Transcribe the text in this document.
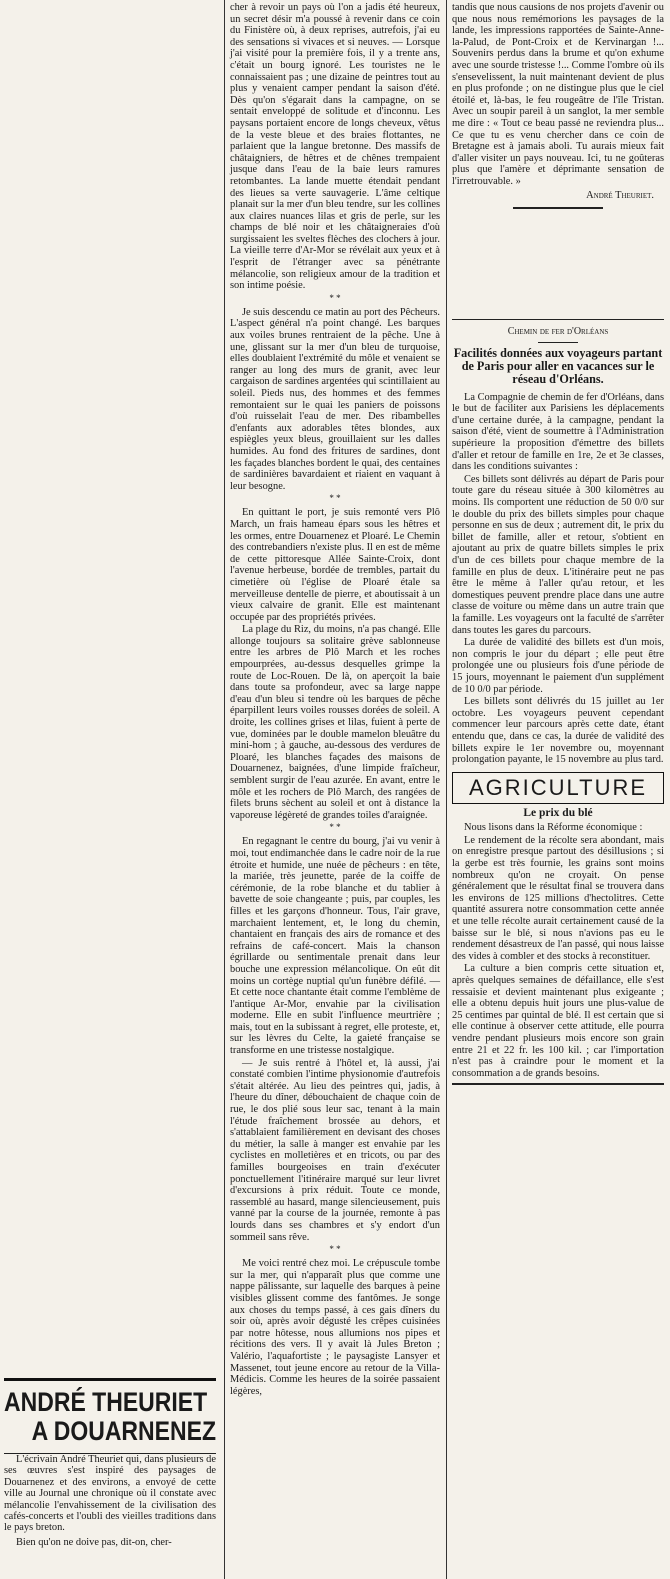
ANDRÉ THEURIET
A DOUARNENEZ

L'écrivain André Theuriet qui, dans plusieurs de ses œuvres s'est inspiré des paysages de Douarnenez et des environs, a envoyé de cette ville au Journal une chronique où il constate avec mélancolie l'envahissement de la civilisation des cafés-concerts et l'oubli des vieilles traditions dans le pays breton.

Bien qu'on ne doive pas, dit-on, cher-

cher à revoir un pays où l'on a jadis été heureux, un secret désir m'a poussé à revenir dans ce coin du Finistère où, à deux reprises, autrefois, j'ai eu des sensations si vivaces et si neuves. — Lorsque j'ai visité pour la première fois, il y a trente ans, c'était un bourg ignoré. Les touristes ne le connaissaient pas ; une dizaine de peintres tout au plus y venaient camper pendant la saison d'été. Dès qu'on s'égarait dans la campagne, on se sentait enveloppé de solitude et d'inconnu. Les paysans portaient encore de longs cheveux, vêtus de la veste bleue et des braies flottantes, ne parlaient que la langue bretonne. Des massifs de châtaigniers, de hêtres et de chênes trempaient jusque dans l'eau de la baie leurs ramures retombantes. La lande muette étendait pendant des lieues sa verte sauvagerie. L'âme celtique planait sur la mer d'un bleu tendre, sur les collines aux claires nuances lilas et gris de perle, sur les champs de blé noir et les châtaigneraies d'où surgissaient les sveltes flèches des clochers à jour. La vieille terre d'Ar-Mor se révélait aux yeux et à l'esprit de l'étranger avec sa pénétrante mélancolie, son religieux amour de la tradition et son intime poésie.

* *

Je suis descendu ce matin au port des Pêcheurs. L'aspect général n'a point changé. Les barques aux voiles brunes rentraient de la pêche. Une à une, glissant sur la mer d'un bleu de turquoise, elles doublaient l'extrémité du môle et venaient se ranger au long des murs de granit, avec leur cargaison de sardines argentées qui scintillaient au soleil. Pieds nus, des hommes et des femmes remontaient sur le quai les paniers de poissons d'où ruisselait l'eau de mer. Des ribambelles d'enfants aux adorables têtes blondes, aux espiègles yeux bleus, grouillaient sur les dalles humides. Au fond des fritures de sardines, dont les façades blanches bordent le quai, des centaines de sardinières bavardaient et riaient en vaquant à leur besogne.

* *

En quittant le port, je suis remonté vers Plô March, un frais hameau épars sous les hêtres et les ormes, entre Douarnenez et Ploaré. Le Chemin des contrebandiers n'existe plus. Il en est de même de cette pittoresque Allée Sainte-Croix, dont l'avenue herbeuse, bordée de trembles, partait du cimetière où l'église de Ploaré étale sa merveilleuse dentelle de pierre, et aboutissait à un vieux calvaire de granit. Elle est maintenant occupée par des propriétés privées.

La plage du Riz, du moins, n'a pas changé. Elle allonge toujours sa solitaire grève sablonneuse entre les arbres de Plô March et les roches empourprées, au-dessus desquelles grimpe la route de Loc-Rouen. De là, on aperçoit la baie dans toute sa profondeur, avec sa large nappe d'eau d'un bleu si tendre où les barques de pêche éparpillent leurs voiles rousses dorées de soleil. A droite, les collines grises et lilas, fuient à perte de vue, dominées par le double mamelon bleuâtre du mini-hom ; à gauche, au-dessous des verdures de Ploaré, les blanches façades des maisons de Douarnenez, baignées, d'une limpide fraîcheur, semblent surgir de l'eau azurée. En avant, entre le môle et les rochers de Plô March, des rangées de filets bruns sèchent au soleil et ont à distance la vaporeuse légèreté de grandes toiles d'araignée.

* *

En regagnant le centre du bourg, j'ai vu venir à moi, tout endimanchée dans le cadre noir de la rue étroite et humide, une nuée de pêcheurs : en tête, la mariée, très jeunette, parée de la coiffe de cérémonie, de la robe blanche et du tablier à bavette de soie changeante ; puis, par couples, les filles et les garçons d'honneur. Tous, l'air grave, marchaient lentement, et, le long du chemin, chantaient en français des airs de romance et des refrains de café-concert. Mais la chanson égrillarde ou sentimentale prenait dans leur bouche une expression mélancolique. On eût dit moins un cortège nuptial qu'un funèbre défilé. — Et cette noce chantante était comme l'emblème de l'antique Ar-Mor, envahie par la civilisation moderne. Elle en subit l'influence meurtrière ; mais, tout en la subissant à regret, elle proteste, et, sur les lèvres du Celte, la gaieté française se transforme en une tristesse nostalgique.

— Je suis rentré à l'hôtel et, là aussi, j'ai constaté combien l'intime physionomie d'autrefois s'était altérée. Au lieu des peintres qui, jadis, à l'heure du dîner, débouchaient de chaque coin de rue, le dos plié sous leur sac, tenant à la main l'étude fraîchement brossée au dehors, et s'attablaient familièrement en devisant des choses du métier, la salle à manger est envahie par les cyclistes en molletières et en tricots, ou par des familles bourgeoises en train d'exécuter ponctuellement l'itinéraire marqué sur leur livret d'excursions à prix réduit. Toute ce monde, rassemblé au hasard, mange silencieusement, puis vanné par la course de la journée, remonte à pas lourds dans ses chambres et s'y endort d'un sommeil sans rêve.

* *

Me voici rentré chez moi. Le crépuscule tombe sur la mer, qui n'apparaît plus que comme une nappe pâlissante, sur laquelle des barques à peine visibles glissent comme des fantômes. Je songe aux choses du temps passé, à ces gais dîners du soir où, après avoir dégusté les crêpes cuisinées par notre hôtesse, nous allumions nos pipes et récitions des vers. Il y avait là Jules Breton ; Valério, l'aquafortiste ; le paysagiste Lansyer et Massenet, tout jeune encore au retour de la Villa-Médicis. Comme les heures de la soirée passaient légères,

tandis que nous causions de nos projets d'avenir ou que nous nous remémorions les paysages de la lande, les impressions rapportées de Sainte-Anne-la-Palud, de Pont-Croix et de Kervinargan !... Souvenirs perdus dans la brume et qu'on exhume avec une sourde tristesse !... Comme l'ombre où ils s'ensevelissent, la nuit maintenant devient de plus en plus profonde ; on ne distingue plus que le ciel étoilé et, là-bas, le feu rougeâtre de l'île Tristan. Avec un soupir pareil à un sanglot, la mer semble me dire : « Tout ce beau passé ne reviendra plus... Ce que tu es venu chercher dans ce coin de Bretagne est à jamais aboli. Tu aurais mieux fait d'aller visiter un pays nouveau. Ici, tu ne goûteras plus que l'amère et déprimante sensation de l'irretrouvable. »

André Theuriet.
Chemin de fer d'Orléans
Facilités données aux voyageurs partant de Paris pour aller en vacances sur le réseau d'Orléans.

La Compagnie de chemin de fer d'Orléans, dans le but de faciliter aux Parisiens les déplacements d'une certaine durée, à la campagne, pendant la saison d'été, vient de soumettre à l'Administration supérieure la proposition d'émettre des billets d'aller et retour de famille en 1re, 2e et 3e classes, dans les conditions suivantes :

Ces billets sont délivrés au départ de Paris pour toute gare du réseau située à 300 kilomètres au moins. Ils comportent une réduction de 50 0/0 sur le double du prix des billets simples pour chaque personne en sus de deux ; autrement dit, le prix du billet de famille, aller et retour, s'obtient en ajoutant au prix de quatre billets simples le prix d'un de ces billets pour chaque membre de la famille en plus de deux. L'itinéraire peut ne pas être le même à l'aller qu'au retour, et les domestiques peuvent prendre place dans une autre classe de voiture ou même dans un autre train que la famille. Les voyageurs ont la faculté de s'arrêter dans toutes les gares du parcours.

La durée de validité des billets est d'un mois, non compris le jour du départ ; elle peut être prolongée une ou plusieurs fois d'une période de 15 jours, moyennant le paiement d'un supplément de 10 0/0 par période.

Les billets sont délivrés du 15 juillet au 1er octobre. Les voyageurs peuvent cependant commencer leur parcours après cette date, étant entendu que, dans ce cas, la durée de validité des billets expire le 1er novembre ou, moyennant prolongation payante, le 15 novembre au plus tard.

AGRICULTURE
Le prix du blé

Nous lisons dans la Réforme économique :

Le rendement de la récolte sera abondant, mais on enregistre presque partout des désillusions ; si la gerbe est très fournie, les grains sont moins nombreux qu'on ne croyait. On pense généralement que le résultat final se trouvera dans les environs de 125 millions d'hectolitres. Cette quantité assurera notre consommation cette année et une telle récolte aurait certainement causé de la baisse sur le blé, si nous n'avions pas eu le rendement désastreux de l'an passé, qui nous laisse des vides à combler et des stocks à reconstituer.

La culture a bien compris cette situation et, après quelques semaines de défaillance, elle s'est ressaisie et devient maintenant plus exigeante ; elle a obtenu depuis huit jours une plus-value de 25 centimes par quintal de blé. Il est certain que si elle continue à observer cette attitude, elle pourra vendre pendant plusieurs mois encore son grain entre 21 et 22 fr. les 100 kil. ; car l'importation n'est pas à craindre pour le moment et la consommation a de grands besoins.
